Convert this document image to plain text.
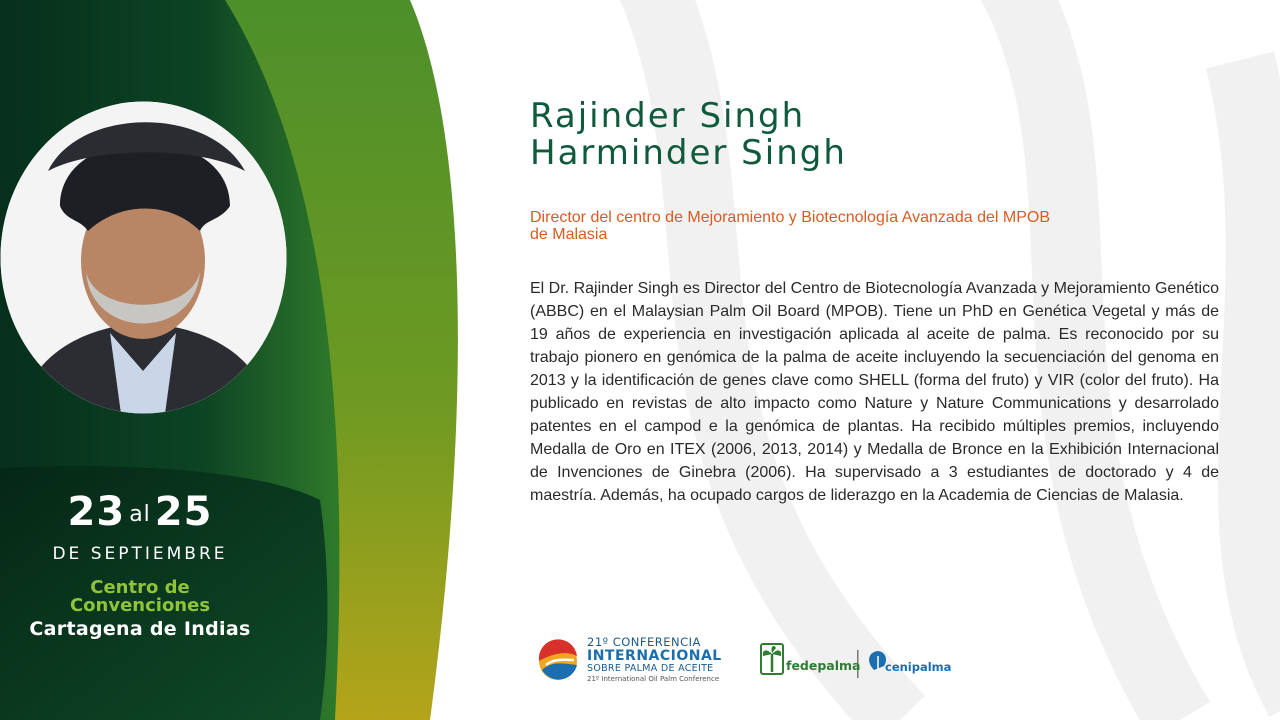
Rajinder Singh
Harminder Singh
Director del centro de Mejoramiento y Biotecnología Avanzada del MPOB
de Malasia

El Dr. Rajinder Singh es Director del Centro de Biotecnología Avanzada y Mejoramiento Genético (ABBC) en el Malaysian Palm Oil Board (MPOB). Tiene un PhD en Genética Vegetal y más de 19 años de experiencia en investigación aplicada al aceite de palma. Es reconocido por su trabajo pionero en genómica de la palma de aceite incluyendo la secuenciación del genoma en 2013 y la identificación de genes clave como SHELL (forma del fruto) y VIR (color del fruto). Ha publicado en revistas de alto impacto como Nature y Nature Communications y desarrolado patentes en el campod e la genómica de plantas. Ha recibido múltiples premios, incluyendo Medalla de Oro en ITEX (2006, 2013, 2014) y Medalla de Bronce en la Exhibición Internacional de Invenciones de Ginebra (2006). Ha supervisado a 3 estudiantes de doctorado y 4 de maestría. Además, ha ocupado cargos de liderazgo en la Academia de Ciencias de Malasia.

23 al 25
DE SEPTIEMBRE
Centro de
Convenciones
Cartagena de Indias
21º CONFERENCIA
INTERNACIONAL
SOBRE PALMA DE ACEITE
21º International Oil Palm Conference
fedepalma cenipalma
